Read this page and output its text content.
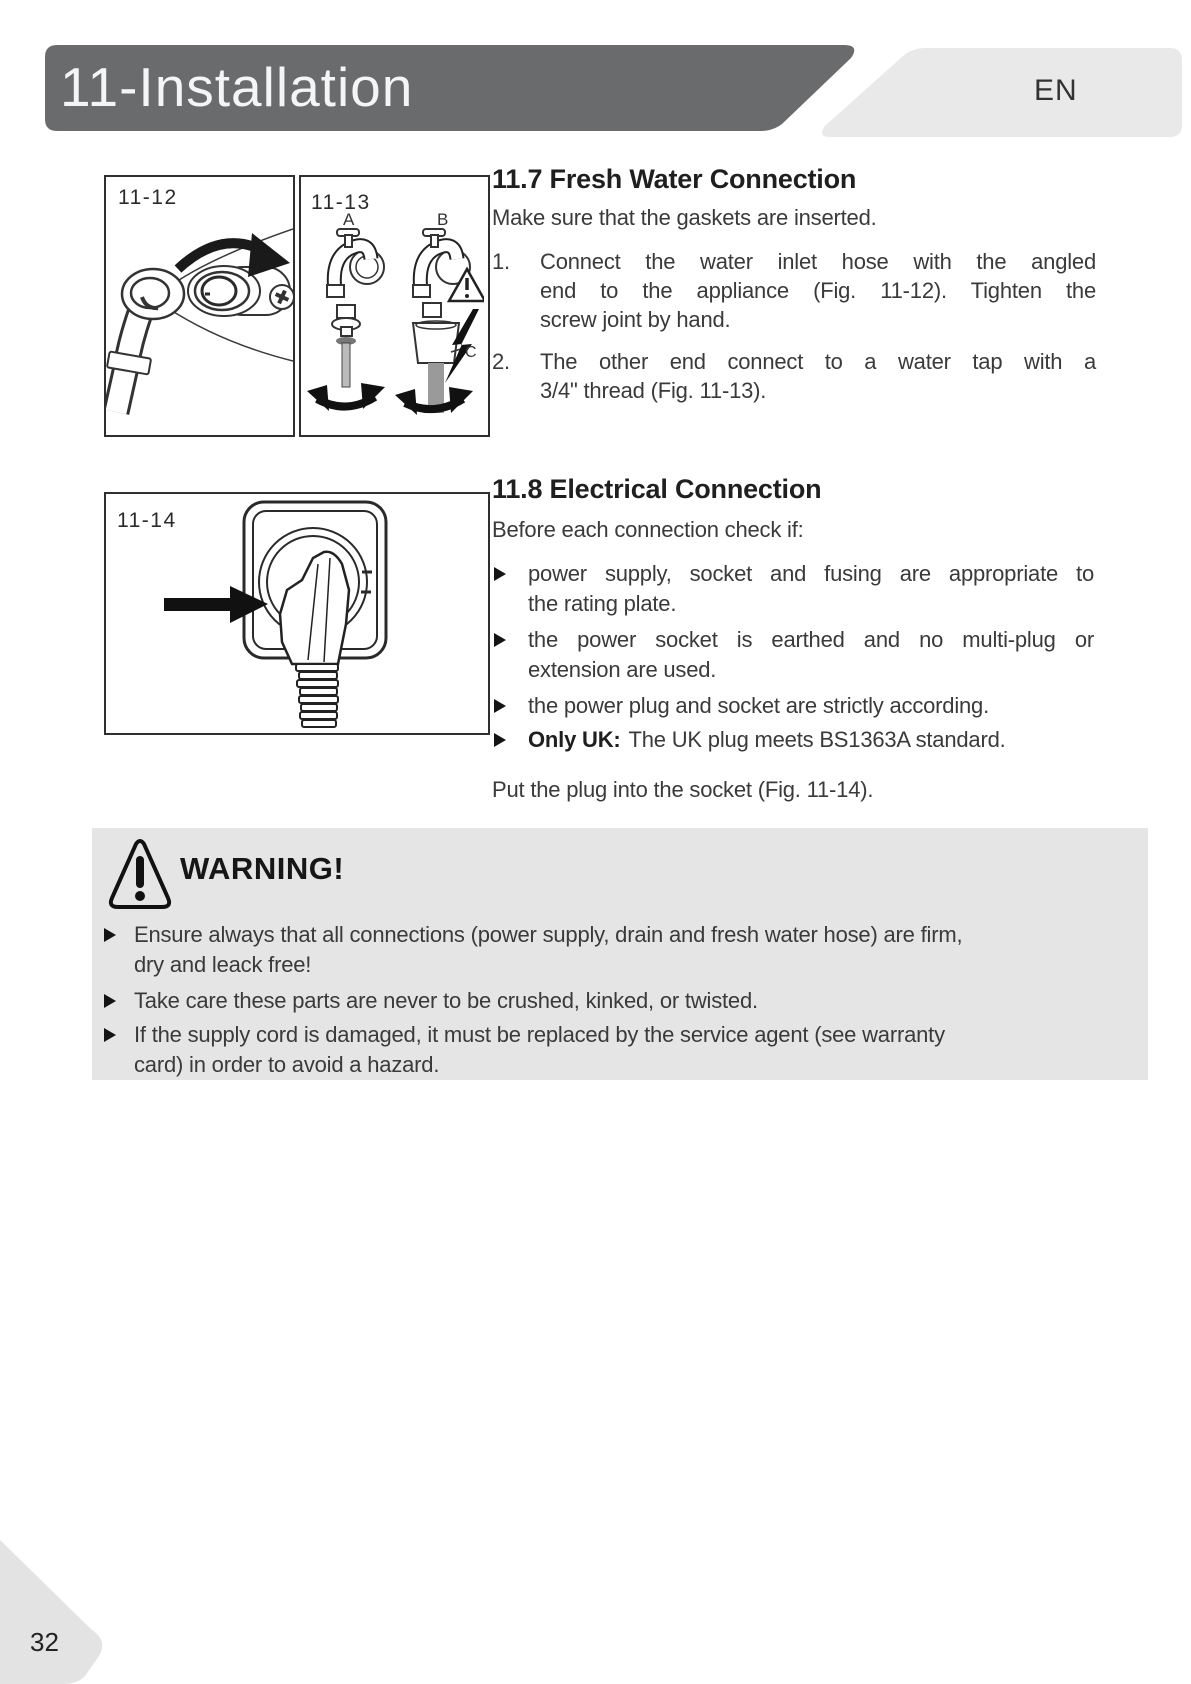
11-Installation	EN
11-12
A	B
C
11-13
11-14
11.7 Fresh Water Connection
Make sure that the gaskets are inserted.
1. Connect the water inlet hose with the angled
end to the appliance (Fig. 11-12). Tighten the
screw joint by hand.
2. The other end connect to a water tap with a
3/4" thread (Fig. 11-13).
11.8 Electrical Connection
Before each connection check if:
power supply, socket and fusing are appropriate to
the rating plate.
the power socket is earthed and no multi-plug or
extension are used.
the power plug and socket are strictly according.
Only UK: The UK plug meets BS1363A standard.
Put the plug into the socket (Fig. 11-14).
WARNING!
Ensure always that all connections (power supply, drain and fresh water hose) are firm,
dry and leack free!
Take care these parts are never to be crushed, kinked, or twisted.
If the supply cord is damaged, it must be replaced by the service agent (see warranty
card) in order to avoid a hazard.
32
